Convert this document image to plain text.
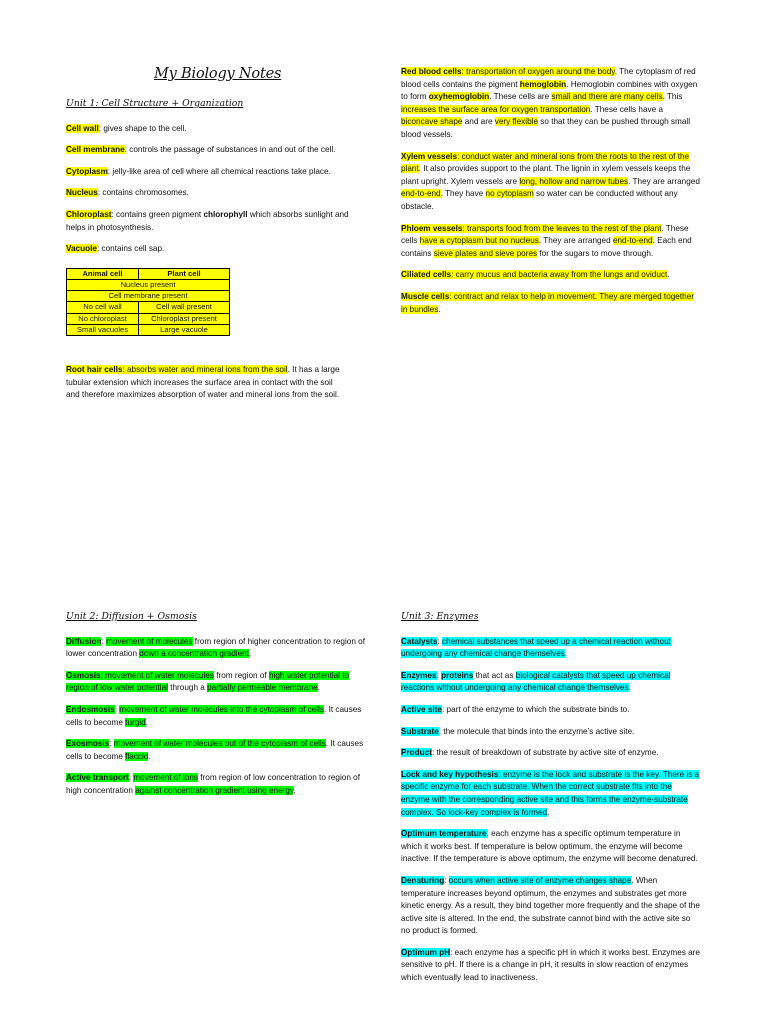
My Biology Notes
Unit 1: Cell Structure + Organization

Cell wall: gives shape to the cell.

Cell membrane: controls the passage of substances in and out of the cell.

Cytoplasm: jelly-like area of cell where all chemical reactions take place.

Nucleus: contains chromosomes.

Chloroplast: contains green pigment chlorophyll which absorbs sunlight and helps in photosynthesis.

Vacuole: contains cell sap.

Animal cell	Plant cell
Nucleus present	
Cell membrane present	
No cell wall	Cell wall present
No chloroplast	Chloroplast present
Small vacuoles	Large vacuole

Root hair cells: absorbs water and mineral ions from the soil. It has a large tubular extension which increases the surface area in contact with the soil and therefore maximizes absorption of water and mineral ions from the soil.

Red blood cells: transportation of oxygen around the body. The cytoplasm of red blood cells contains the pigment hemoglobin. Hemoglobin combines with oxygen to form oxyhemoglobin. These cells are small and there are many cells. This increases the surface area for oxygen transportation. These cells have a biconcave shape and are very flexible so that they can be pushed through small blood vessels.

Xylem vessels: conduct water and mineral ions from the roots to the rest of the plant. It also provides support to the plant. The lignin in xylem vessels keeps the plant upright. Xylem vessels are long, hollow and narrow tubes. They are arranged end-to-end. They have no cytoplasm so water can be conducted without any obstacle.

Phloem vessels: transports food from the leaves to the rest of the plant. These cells have a cytoplasm but no nucleus. They are arranged end-to-end. Each end contains sieve plates and sieve pores for the sugars to move through.

Ciliated cells: carry mucus and bacteria away from the lungs and oviduct.

Muscle cells: contract and relax to help in movement. They are merged together in bundles.

Unit 2: Diffusion + Osmosis

Diffusion: movement of molecules from region of higher concentration to region of lower concentration down a concentration gradient.

Osmosis: movement of water molecules from region of high water potential to region of low water potential through a partially permeable membrane.

Endosmosis: movement of water molecules into the cytoplasm of cells. It causes cells to become turgid.

Exosmosis: movement of water molecules out of the cytoplasm of cells. It causes cells to become flaccid.

Active transport: movement of ions from region of low concentration to region of high concentration against concentration gradient using energy.

Unit 3: Enzymes

Catalysts: chemical substances that speed up a chemical reaction without undergoing any chemical change themselves.

Enzymes: proteins that act as biological catalysts that speed up chemical reactions without undergoing any chemical change themselves.

Active site: part of the enzyme to which the substrate binds to.

Substrate: the molecule that binds into the enzyme’s active site.

Product: the result of breakdown of substrate by active site of enzyme.

Lock and key hypothesis: enzyme is the lock and substrate is the key. There is a specific enzyme for each substrate. When the correct substrate fits into the enzyme with the corresponding active site and this forms the enzyme-substrate complex. So lock-key complex is formed.

Optimum temperature: each enzyme has a specific optimum temperature in which it works best. If temperature is below optimum, the enzyme will become inactive. If the temperature is above optimum, the enzyme will become denatured.

Denaturing: occurs when active site of enzyme changes shape. When temperature increases beyond optimum, the enzymes and substrates get more kinetic energy. As a result, they bind together more frequently and the shape of the active site is altered. In the end, the substrate cannot bind with the active site so no product is formed.

Optimum pH: each enzyme has a specific pH in which it works best. Enzymes are sensitive to pH. If there is a change in pH, it results in slow reaction of enzymes which eventually lead to inactiveness.
